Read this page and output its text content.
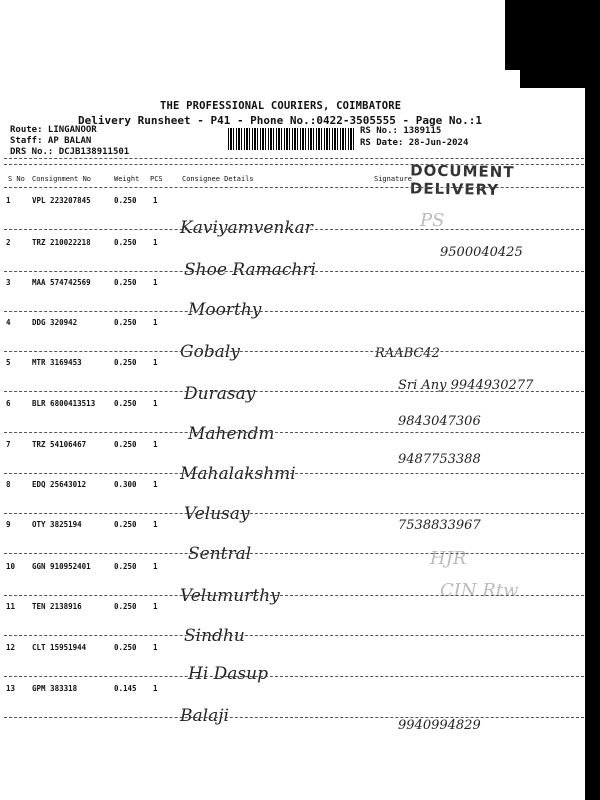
THE PROFESSIONAL COURIERS, COIMBATORE
Delivery Runsheet - P41 - Phone No.:0422-3505555 - Page No.:1
Route: LINGANOOR
Staff: AP BALAN
DRS No.: DCJB138911501
RS No.: 1389115
RS Date: 28-Jun-2024
S No Consignment No	Weight PCS	Consignee Details	Signature
DOCUMENT DELIVERY
1	VPL 223207845	0.250 1
Kaviyamvenkar	PS
2	TRZ 210022218	0.250 1
Shoe Ramachri
9500040425
3	MAA 574742569	0.250 1
Moorthy
4	DDG 320942	0.250 1
Gobaly	RAABC42
5	MTR 3169453	0.250 1
Durasay	Sri Any 9944930277
6	BLR 6800413513	0.250 1
Mahendm
9843047306
7	TRZ 54106467	0.250 1
Mahalakshmi
9487753388
8	EDQ 25643012	0.300 1
Velusay
7538833967
9	OTY 3825194	0.250 1
Sentral	HJR
10 GGN 910952401	0.250 1
Velumurthy	CIN Rtw
11 TEN 2138916	0.250 1
Sindhu
12 CLT 15951944	0.250 1
Hi Dasup
13 GPM 383318	0.145 1
Balaji	9940994829
